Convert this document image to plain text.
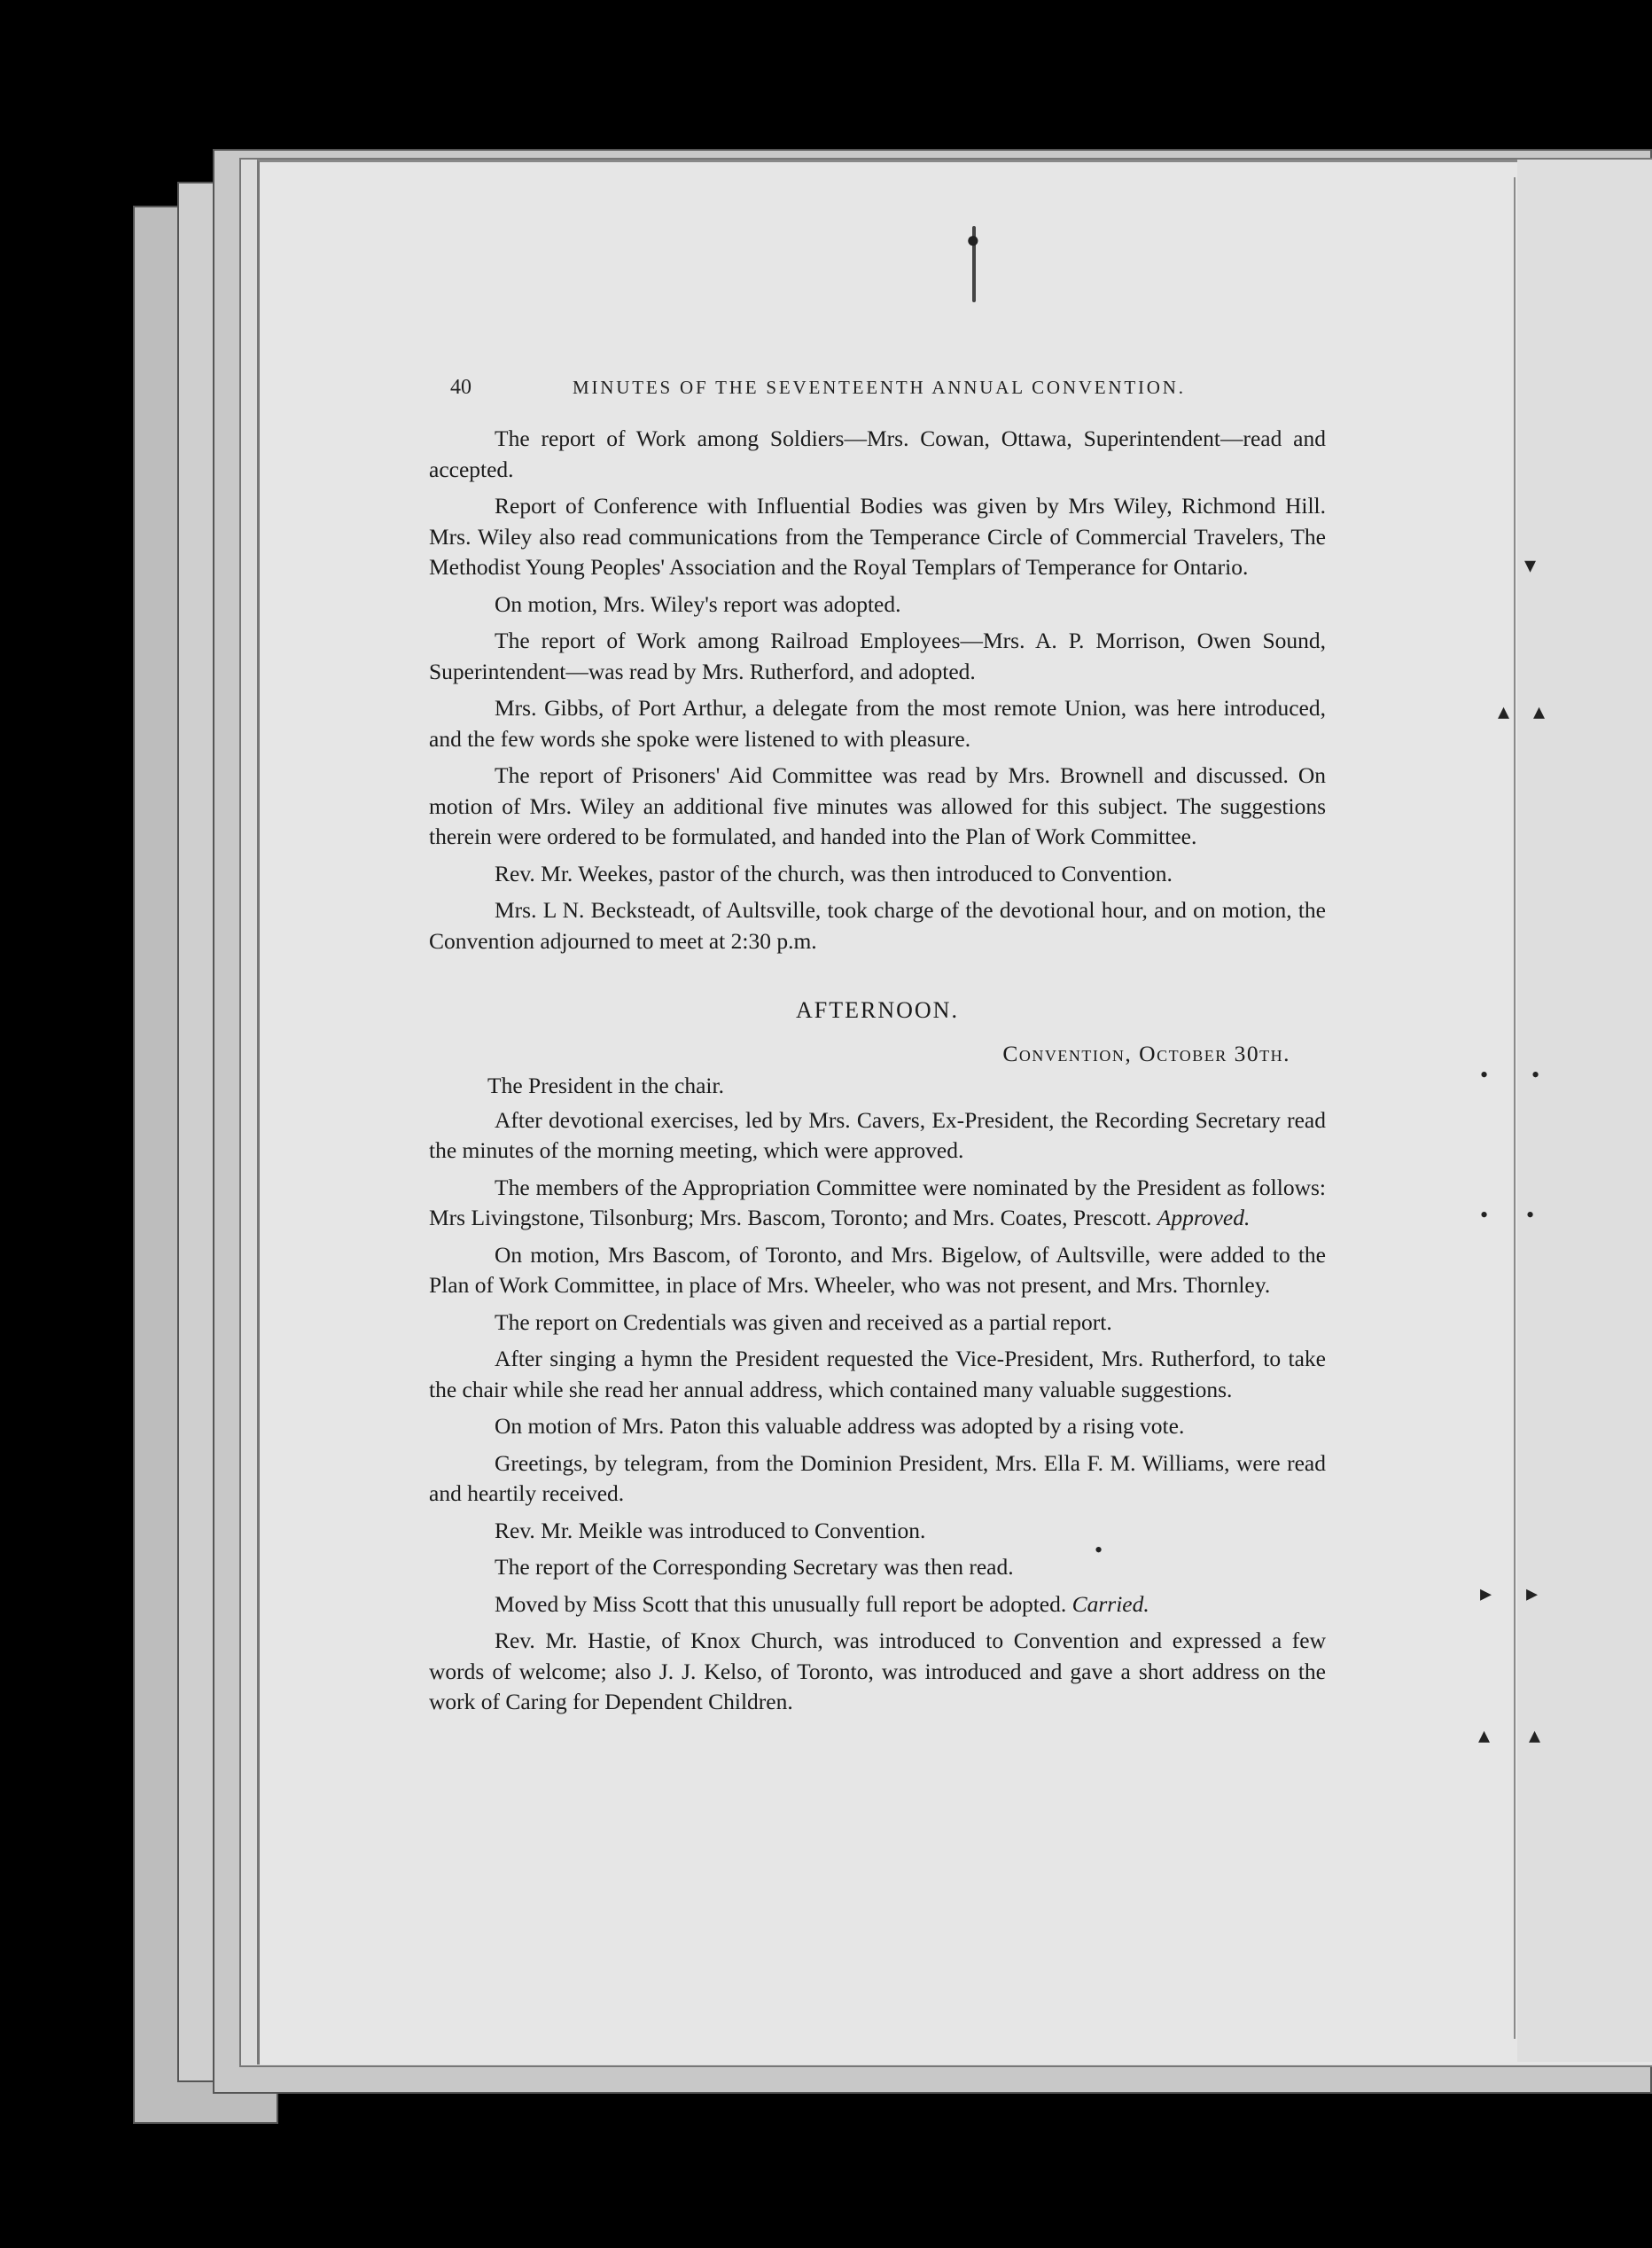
●
▾
▴ ▴
• •
• •
•
▸ ▸
▴ ▴
40	MINUTES OF THE SEVENTEENTH ANNUAL CONVENTION.

The report of Work among Soldiers—Mrs. Cowan, Ottawa, Superintendent—read and accepted.

Report of Conference with Influential Bodies was given by Mrs Wiley, Richmond Hill. Mrs. Wiley also read communications from the Temperance Circle of Commercial Travelers, The Methodist Young Peoples' Association and the Royal Templars of Temperance for Ontario.

On motion, Mrs. Wiley's report was adopted.

The report of Work among Railroad Employees—Mrs. A. P. Morrison, Owen Sound, Superintendent—was read by Mrs. Rutherford, and adopted.

Mrs. Gibbs, of Port Arthur, a delegate from the most remote Union, was here introduced, and the few words she spoke were listened to with pleasure.

The report of Prisoners' Aid Committee was read by Mrs. Brownell and discussed. On motion of Mrs. Wiley an additional five minutes was allowed for this subject. The suggestions therein were ordered to be formulated, and handed into the Plan of Work Committee.

Rev. Mr. Weekes, pastor of the church, was then introduced to Convention.

Mrs. L N. Becksteadt, of Aultsville, took charge of the devotional hour, and on motion, the Convention adjourned to meet at 2:30 p.m.

AFTERNOON.
Convention, October 30th.

The President in the chair.

After devotional exercises, led by Mrs. Cavers, Ex-President, the Recording Secretary read the minutes of the morning meeting, which were approved.

The members of the Appropriation Committee were nominated by the President as follows: Mrs Livingstone, Tilsonburg; Mrs. Bascom, Toronto; and Mrs. Coates, Prescott. Approved.

On motion, Mrs Bascom, of Toronto, and Mrs. Bigelow, of Aultsville, were added to the Plan of Work Committee, in place of Mrs. Wheeler, who was not present, and Mrs. Thornley.

The report on Credentials was given and received as a partial report.

After singing a hymn the President requested the Vice-President, Mrs. Rutherford, to take the chair while she read her annual address, which contained many valuable suggestions.

On motion of Mrs. Paton this valuable address was adopted by a rising vote.

Greetings, by telegram, from the Dominion President, Mrs. Ella F. M. Williams, were read and heartily received.

Rev. Mr. Meikle was introduced to Convention.

The report of the Corresponding Secretary was then read.

Moved by Miss Scott that this unusually full report be adopted. Carried.

Rev. Mr. Hastie, of Knox Church, was introduced to Convention and expressed a few words of welcome; also J. J. Kelso, of Toronto, was introduced and gave a short address on the work of Caring for Dependent Children.
